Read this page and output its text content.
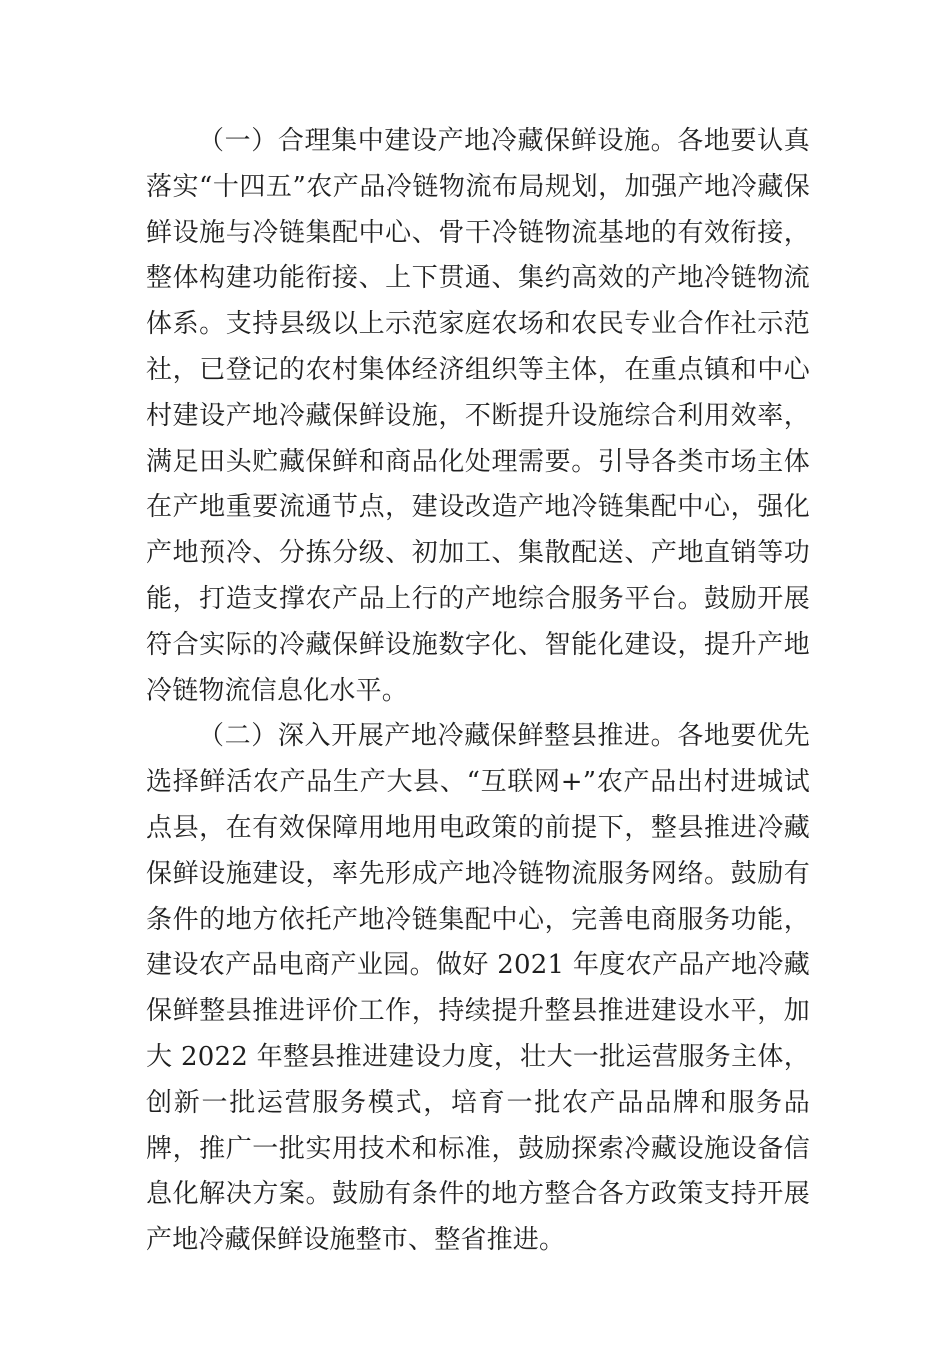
（一）合理集中建设产地冷藏保鲜设施。各地要认真落实“十四五”农产品冷链物流布局规划，加强产地冷藏保鲜设施与冷链集配中心、骨干冷链物流基地的有效衔接，整体构建功能衔接、上下贯通、集约高效的产地冷链物流体系。支持县级以上示范家庭农场和农民专业合作社示范社，已登记的农村集体经济组织等主体，在重点镇和中心村建设产地冷藏保鲜设施，不断提升设施综合利用效率，满足田头贮藏保鲜和商品化处理需要。引导各类市场主体在产地重要流通节点，建设改造产地冷链集配中心，强化产地预冷、分拣分级、初加工、集散配送、产地直销等功能，打造支撑农产品上行的产地综合服务平台。鼓励开展符合实际的冷藏保鲜设施数字化、智能化建设，提升产地冷链物流信息化水平。

（二）深入开展产地冷藏保鲜整县推进。各地要优先选择鲜活农产品生产大县、“互联网+”农产品出村进城试点县，在有效保障用地用电政策的前提下，整县推进冷藏保鲜设施建设，率先形成产地冷链物流服务网络。鼓励有条件的地方依托产地冷链集配中心，完善电商服务功能，建设农产品电商产业园。做好 2021 年度农产品产地冷藏保鲜整县推进评价工作，持续提升整县推进建设水平，加大 2022 年整县推进建设力度，壮大一批运营服务主体，创新一批运营服务模式，培育一批农产品品牌和服务品牌，推广一批实用技术和标准，鼓励探索冷藏设施设备信息化解决方案。鼓励有条件的地方整合各方政策支持开展产地冷藏保鲜设施整市、整省推进。
